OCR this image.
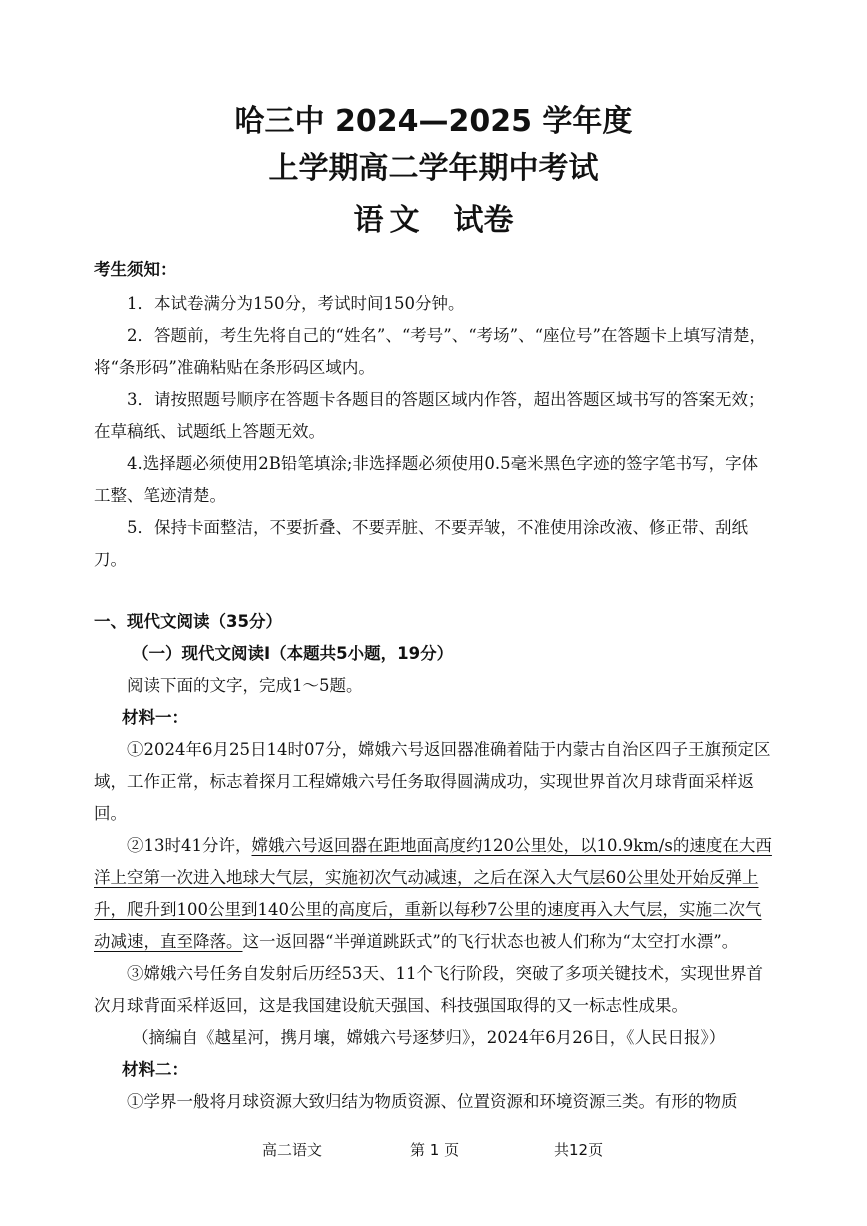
哈三中 2024—2025 学年度
上学期高二学年期中考试
语文 试卷
考生须知：

1．本试卷满分为150分，考试时间150分钟。

2．答题前，考生先将自己的“姓名”、“考号”、“考场”、“座位号”在答题卡上填写清楚，将“条形码”准确粘贴在条形码区域内。

3．请按照题号顺序在答题卡各题目的答题区域内作答，超出答题区域书写的答案无效；在草稿纸、试题纸上答题无效。

4.选择题必须使用2B铅笔填涂;非选择题必须使用0.5毫米黑色字迹的签字笔书写，字体工整、笔迹清楚。

5．保持卡面整洁，不要折叠、不要弄脏、不要弄皱，不准使用涂改液、修正带、刮纸刀。

一、现代文阅读（35分）
（一）现代文阅读Ⅰ（本题共5小题，19分）

阅读下面的文字，完成1～5题。

材料一：

①2024年6月25日14时07分，嫦娥六号返回器准确着陆于内蒙古自治区四子王旗预定区域，工作正常，标志着探月工程嫦娥六号任务取得圆满成功，实现世界首次月球背面采样返回。

②13时41分许，嫦娥六号返回器在距地面高度约120公里处，以10.9km/s的速度在大西洋上空第一次进入地球大气层，实施初次气动减速，之后在深入大气层60公里处开始反弹上升，爬升到100公里到140公里的高度后，重新以每秒7公里的速度再入大气层，实施二次气动减速，直至降落。这一返回器“半弹道跳跃式”的飞行状态也被人们称为“太空打水漂”。

③嫦娥六号任务自发射后历经53天、11个飞行阶段，突破了多项关键技术，实现世界首次月球背面采样返回，这是我国建设航天强国、科技强国取得的又一标志性成果。

（摘编自《越星河，携月壤，嫦娥六号逐梦归》，2024年6月26日，《人民日报》）
材料二：

①学界一般将月球资源大致归结为物质资源、位置资源和环境资源三类。有形的物质

高二语文	第 1 页	共12页
